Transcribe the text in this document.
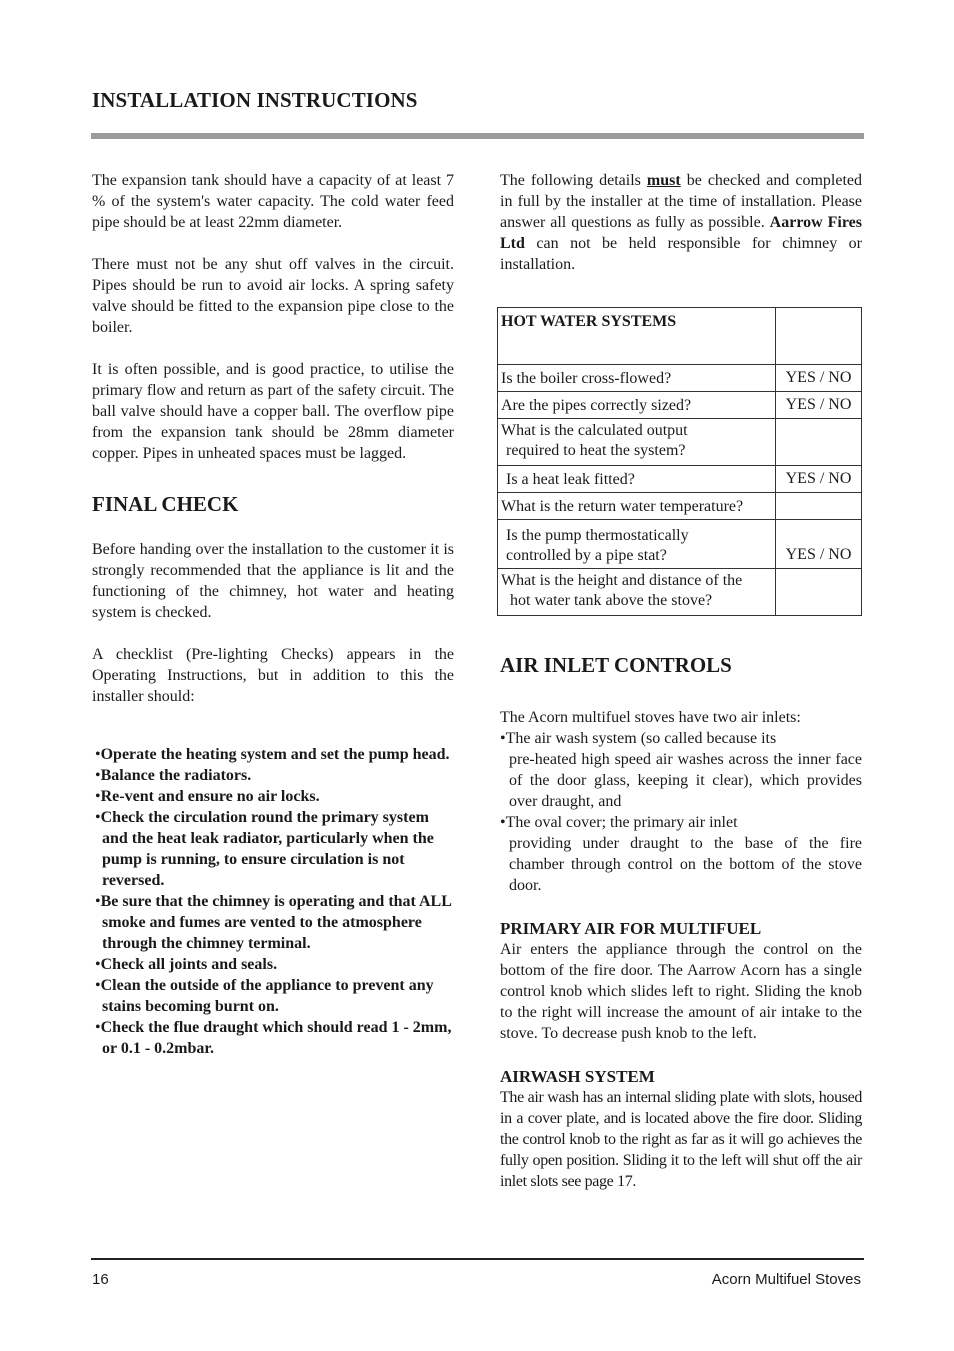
INSTALLATION INSTRUCTIONS

The expansion tank should have a capacity of at least 7 % of the system's water capacity. The cold water feed pipe should be at least 22mm diameter.

There must not be any shut off valves in the circuit. Pipes should be run to avoid air locks. A spring safety valve should be fitted to the expansion pipe close to the boiler.

It is often possible, and is good practice, to utilise the primary flow and return as part of the safety circuit. The ball valve should have a copper ball. The overflow pipe from the expansion tank should be 28mm diameter copper. Pipes in unheated spaces must be lagged.

FINAL CHECK

Before handing over the installation to the customer it is strongly recommended that the appliance is lit and the functioning of the chimney, hot water and heating system is checked.

A checklist (Pre-lighting Checks) appears in the Operating Instructions, but in addition to this the installer should:

• Operate the heating system and set the pump head.
• Balance the radiators.
• Re-vent and ensure no air locks.
• Check the circulation round the primary system and the heat leak radiator, particularly when the pump is running, to ensure circulation is not reversed.
• Be sure that the chimney is operating and that ALL smoke and fumes are vented to the atmosphere through the chimney terminal.
• Check all joints and seals.
• Clean the outside of the appliance to prevent any stains becoming burnt on.
• Check the flue draught which should read 1 - 2mm, or 0.1 - 0.2mbar.

The following details must be checked and completed in full by the installer at the time of installation. Please answer all questions as fully as possible. Aarrow Fires Ltd can not be held responsible for chimney or installation.

HOT WATER SYSTEMS	
Is the boiler cross-flowed?	YES / NO
Are the pipes correctly sized?	YES / NO
What is the calculated output
required to heat the system?	
Is a heat leak fitted?	YES / NO
What is the return water temperature?	
Is the pump thermostatically
controlled by a pipe stat?	YES / NO
What is the height and distance of the
hot water tank above the stove?	
AIR INLET CONTROLS

The Acorn multifuel stoves have two air inlets:

•The air wash system (so called because its
pre-heated high speed air washes across the inner face of the door glass, keeping it clear), which provides over draught, and

•The oval cover; the primary air inlet
providing under draught to the base of the fire chamber through control on the bottom of the stove door.

PRIMARY AIR FOR MULTIFUEL

Air enters the appliance through the control on the bottom of the fire door. The Aarrow Acorn has a single control knob which slides left to right. Sliding the knob to the right will increase the amount of air intake to the stove. To decrease push knob to the left.

AIRWASH SYSTEM

The air wash has an internal sliding plate with slots, housed in a cover plate, and is located above the fire door. Sliding the control knob to the right as far as it will go achieves the fully open position. Sliding it to the left will shut off the air inlet slots see page 17.

16	Acorn Multifuel Stoves
